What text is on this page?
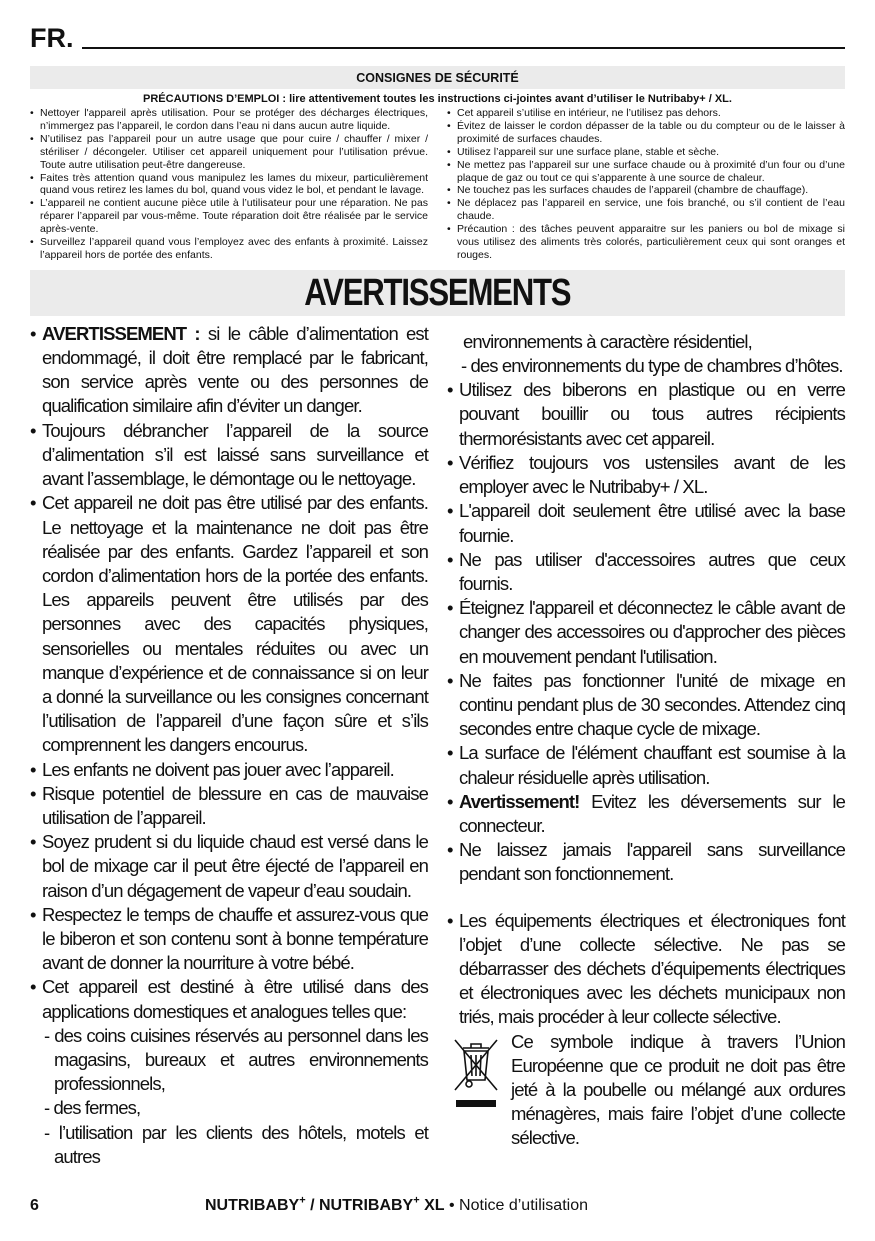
FR.
CONSIGNES DE SÉCURITÉ
PRÉCAUTIONS D’EMPLOI : lire attentivement toutes les instructions ci-jointes avant d’utiliser le Nutribaby+ / XL.
• Nettoyer l'appareil après utilisation. Pour se protéger des décharges électriques, n’immergez pas l’appareil, le cordon dans l’eau ni dans aucun autre liquide.
• N’utilisez pas l’appareil pour un autre usage que pour cuire / chauffer / mixer / stériliser / décongeler. Utiliser cet appareil uniquement pour l’utilisation prévue. Toute autre utilisation peut-être dangereuse.
• Faites très attention quand vous manipulez les lames du mixeur, particulièrement quand vous retirez les lames du bol, quand vous videz le bol, et pendant le lavage.
• L’appareil ne contient aucune pièce utile à l’utilisateur pour une réparation. Ne pas réparer l’appareil par vous-même. Toute réparation doit être réalisée par le service après-vente.
• Surveillez l’appareil quand vous l’employez avec des enfants à proximité. Laissez l’appareil hors de portée des enfants.
• Cet appareil s’utilise en intérieur, ne l’utilisez pas dehors.
• Évitez de laisser le cordon dépasser de la table ou du compteur ou de le laisser à proximité de surfaces chaudes.
• Utilisez l’appareil sur une surface plane, stable et sèche.
• Ne mettez pas l’appareil sur une surface chaude ou à proximité d’un four ou d’une plaque de gaz ou tout ce qui s’apparente à une source de chaleur.
• Ne touchez pas les surfaces chaudes de l’appareil (chambre de chauffage).
• Ne déplacez pas l’appareil en service, une fois branché, ou s’il contient de l’eau chaude.
• Précaution : des tâches peuvent apparaitre sur les paniers ou bol de mixage si vous utilisez des aliments très colorés, particulièrement ceux qui sont oranges et rouges.
AVERTISSEMENTS
• AVERTISSEMENT : si le câble d’alimentation est endommagé, il doit être remplacé par le fabricant, son service après vente ou des personnes de qualification similaire afin d’éviter un danger.
• Toujours débrancher l’appareil de la source d’alimentation s’il est laissé sans surveillance et avant l’assemblage, le démontage ou le nettoyage.
• Cet appareil ne doit pas être utilisé par des enfants. Le nettoyage et la maintenance ne doit pas être réalisée par des enfants. Gardez l’appareil et son cordon d’alimentation hors de la portée des enfants. Les appareils peuvent être utilisés par des personnes avec des capacités physiques, sensorielles ou mentales réduites ou avec un manque d’expérience et de connaissance si on leur a donné la surveillance ou les consignes concernant l’utilisation de l’appareil d’une façon sûre et s’ils comprennent les dangers encourus.
• Les enfants ne doivent pas jouer avec l’appareil.
• Risque potentiel de blessure en cas de mauvaise utilisation de l’appareil.
• Soyez prudent si du liquide chaud est versé dans le bol de mixage car il peut être éjecté de l’appareil en raison d’un dégagement de vapeur d’eau soudain.
• Respectez le temps de chauffe et assurez-vous que le biberon et son contenu sont à bonne température avant de donner la nourriture à votre bébé.
• Cet appareil est destiné à être utilisé dans des applications domestiques et analogues telles que:
- des coins cuisines réservés au personnel dans les magasins, bureaux et autres environnements professionnels,
- des fermes,
- l’utilisation par les clients des hôtels, motels et autres
environnements à caractère résidentiel,
- des environnements du type de chambres d’hôtes.
• Utilisez des biberons en plastique ou en verre pouvant bouillir ou tous autres récipients thermorésistants avec cet appareil.
• Vérifiez toujours vos ustensiles avant de les employer avec le Nutribaby+ / XL.
• L'appareil doit seulement être utilisé avec la base fournie.
• Ne pas utiliser d'accessoires autres que ceux fournis.
• Éteignez l'appareil et déconnectez le câble avant de changer des accessoires ou d'approcher des pièces en mouvement pendant l'utilisation.
• Ne faites pas fonctionner l'unité de mixage en continu pendant plus de 30 secondes. Attendez cinq secondes entre chaque cycle de mixage.
• La surface de l'élément chauffant est soumise à la chaleur résiduelle après utilisation.
• Avertissement! Evitez les déversements sur le connecteur.
• Ne laissez jamais l'appareil sans surveillance pendant son fonctionnement.
• Les équipements électriques et électroniques font l’objet d’une collecte sélective. Ne pas se débarrasser des déchets d’équipements électriques et électroniques avec les déchets municipaux non triés, mais procéder à leur collecte sélective.
Ce symbole indique à travers l’Union Européenne que ce produit ne doit pas être jeté à la poubelle ou mélangé aux ordures ménagères, mais faire l’objet d’une collecte sélective.
6	NUTRIBABY+ / NUTRIBABY+ XL • Notice d’utilisation
